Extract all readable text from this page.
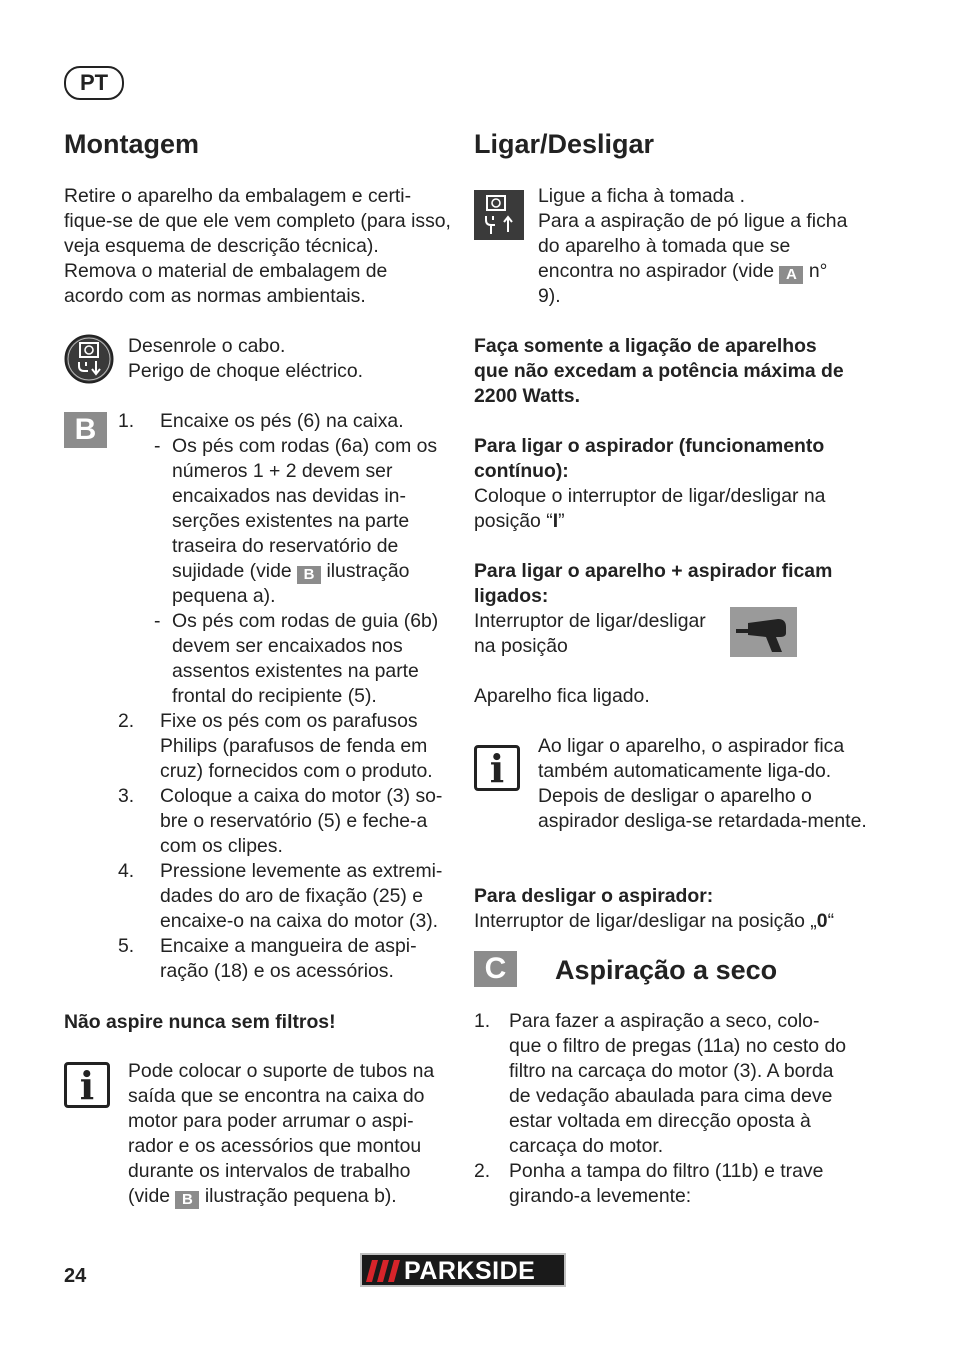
PT
Montagem

Retire o aparelho da embalagem e certi-fique-se de que ele vem completo (para isso, veja esquema de descrição técnica). Remova o material de embalagem de acordo com as normas ambientais.

Desenrole o cabo.

Perigo de choque eléctrico.

B	1. Encaixe os pés (6) na caixa.
- Os pés com rodas (6a) com os números 1 + 2 devem ser encaixados nas devidas in-serções existentes na parte traseira do reservatório de sujidade (vide B ilustração pequena a).
- Os pés com rodas de guia (6b) devem ser encaixados nos assentos existentes na parte frontal do recipiente (5).
2. Fixe os pés com os parafusos Philips (parafusos de fenda em cruz) fornecidos com o produto.
3. Coloque a caixa do motor (3) so-bre o reservatório (5) e feche-a com os clipes.
4. Pressione levemente as extremi-dades do aro de fixação (25) e encaixe-o na caixa do motor (3).
5. Encaixe a mangueira de aspi-ração (18) e os acessórios.

Não aspire nunca sem filtros!

i	Pode colocar o suporte de tubos na saída que se encontra na caixa do motor para poder arrumar o aspi-rador e os acessórios que montou durante os intervalos de trabalho (vide B ilustração pequena b).

Ligar/Desligar

Ligue a ficha à tomada .

Para a aspiração de pó ligue a ficha do aparelho à tomada que se encontra no aspirador (vide A n° 9).

Faça somente a ligação de aparelhos que não excedam a potência máxima de 2200 Watts.

Para ligar o aspirador (funcionamento contínuo):

Coloque o interruptor de ligar/desligar na posição “I”

Para ligar o aparelho + aspirador ficam ligados:

Interruptor de ligar/desligar na posição

Aparelho fica ligado.

i	Ao ligar o aparelho, o aspirador fica também automaticamente liga-do. Depois de desligar o aparelho o aspirador desliga-se retardada-mente.

Para desligar o aspirador:

Interruptor de ligar/desligar na posição „0“

C	Aspiração a seco
1. Para fazer a aspiração a seco, colo-que o filtro de pregas (11a) no cesto do filtro na carcaça do motor (3). A borda de vedação abaulada para cima deve estar voltada em direcção oposta à carcaça do motor.
2. Ponha a tampa do filtro (11b) e trave girando-a levemente:

24	PARKSIDE
